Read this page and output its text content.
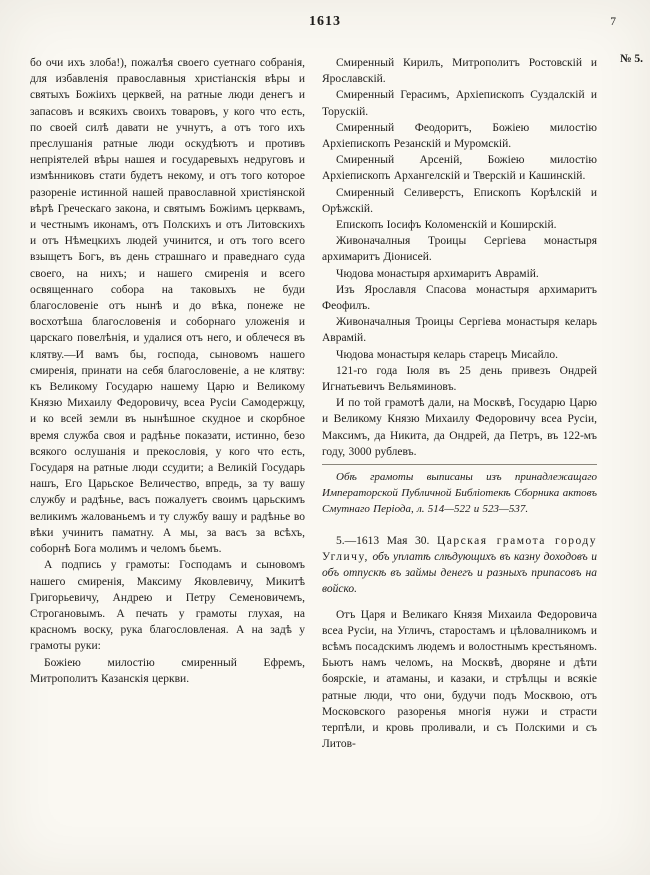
1613	7
№ 5.

бо очи ихъ злоба!), пожалѣя своего суетнаго собранія, для избавленія православныя христіанскія вѣры и святыхъ Божіихъ церквей, на ратные люди денегъ и запасовъ и всякихъ своихъ товаровъ, у кого что есть, по своей силѣ давати не учнутъ, а отъ того ихъ преслушанія ратные люди оскудѣютъ и противъ непріятелей вѣры нашея и государевыхъ недруговъ и измѣнниковъ стати будетъ некому, и отъ того которое разореніе истинной нашей православной христіянской вѣрѣ Греческаго закона, и святымъ Божіимъ церквамъ, и честнымъ иконамъ, отъ Полскихъ и отъ Литовскихъ и отъ Нѣмецкихъ людей учинится, и отъ того всего взыщетъ Богъ, въ день страшнаго и праведнаго суда своего, на нихъ; и нашего смиренія и всего освященнаго собора на таковыхъ не буди благословеніе отъ нынѣ и до вѣка, понеже не восхотѣша благословенія и соборнаго уложенія и царскаго повелѣнія, и удалися отъ него, и облечеся въ клятву.—И вамъ бы, господа, сыновомъ нашего смиренія, принати на себя благословеніе, а не клятву: къ Великому Государю нашему Царю и Великому Князю Михаилу Федоровичу, всеа Русіи Самодержцу, и ко всей земли въ нынѣшное скудное и скорбное время служба своя и радѣнье показати, истинно, безо всякого ослушанія и прекословія, у кого что есть, Государя на ратные люди ссудити; а Великій Государь нашъ, Его Царьское Величество, впредь, за ту вашу службу и радѣнье, васъ пожалуетъ своимъ царьскимъ великимъ жалованьемъ и ту службу вашу и радѣнье во вѣки учинитъ паматну. А мы, за васъ за всѣхъ, соборнѣ Бога молимъ и челомъ бьемъ.

А подпись у грамоты: Господамъ и сыновомъ нашего смиренія, Максиму Яковлевичу, Микитѣ Григорьевичу, Андрею и Петру Семеновичемъ, Строгановымъ. А печать у грамоты глухая, на красномъ воску, рука благословленая. А на задѣ у грамоты руки:

Божіею милостію смиренный Ефремъ, Митрополитъ Казанскія церкви.

Смиренный Кирилъ, Митрополитъ Ростовскій и Ярославскій.

Смиренный Герасимъ, Архіепископъ Суздалскій и Торускій.

Смиренный Феодоритъ, Божіею милостію Архіепископъ Резанскій и Муромскій.

Смиренный Арсеній, Божіею милостію Архіепископъ Архангелскій и Тверскій и Кашинскій.

Смиренный Селиверстъ, Епископъ Корѣлскій и Орѣжскій.

Епископъ Іосифъ Коломенскій и Коширскій.

Живоначалныя Троицы Сергіева монастыря архимаритъ Діонисей.

Чюдова монастыря архимаритъ Аврамій.

Изъ Ярославля Спасова монастыря архимаритъ Феофилъ.

Живоначалныя Троицы Сергіева монастыря келарь Аврамій.

Чюдова монастыря келарь старецъ Мисайло.

121-го года Іюля въ 25 день привезъ Ондрей Игнатьевичъ Вельяминовъ.

И по той грамотѣ дали, на Москвѣ, Государю Царю и Великому Князю Михаилу Федоровичу всеа Русіи, Максимъ, да Никита, да Ондрей, да Петръ, въ 122-мъ году, 3000 рублевъ.

Обѣ грамоты выписаны изъ принадлежащаго Императорской Публичной Библіотекѣ Сборника актовъ Смутнаго Періода, л. 514—522 и 523—537.

5.—1613 Мая 30. Царская грамота городу Угличу, объ уплатѣ слѣдующихъ въ казну доходовъ и объ отпускѣ въ займы денегъ и разныхъ припасовъ на войско.

Отъ Царя и Великаго Князя Михаила Федоровича всеа Русіи, на Угличъ, старостамъ и цѣловалникомъ и всѣмъ посадскимъ людемъ и волостнымъ крестьяномъ. Бьютъ намъ челомъ, на Москвѣ, дворяне и дѣти боярскіе, и атаманы, и казаки, и стрѣлцы и всякіе ратные люди, что они, будучи подъ Москвою, отъ Московского разоренья многія нужи и страсти терпѣли, и кровь проливали, и съ Полскими и съ Литов-
